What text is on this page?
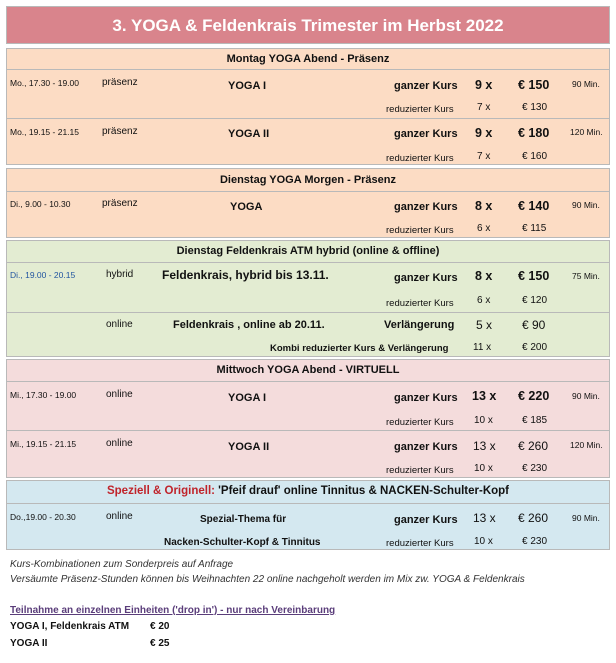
3. YOGA & Feldenkrais Trimester im Herbst 2022
Montag YOGA Abend - Präsenz
Mo., 17.30 - 19.00 präsenz	YOGA I	ganzer Kurs 9 x € 150	90 Min.
reduzierter Kurs 7 x	€ 130
Mo., 19.15 - 21.15 präsenz	YOGA II	ganzer Kurs 9 x € 180 120 Min.
reduzierter Kurs 7 x	€ 160
Dienstag YOGA Morgen - Präsenz
Di., 9.00 - 10.30	präsenz	YOGA	ganzer Kurs 8 x € 140	90 Min.
reduzierter Kurs 6 x	€ 115
Dienstag Feldenkrais ATM hybrid (online & offline)
Di., 19.00 - 20.15	hybrid Feldenkrais, hybrid bis 13.11.	ganzer Kurs 8 x € 150	75 Min.
reduzierter Kurs 6 x	€ 120
online	Feldenkrais , online ab 20.11.	Verlängerung 5 x € 90
Kombi reduzierter Kurs & Verlängerung 11 x	€ 200
Mittwoch YOGA Abend - VIRTUELL
Mi., 17.30 - 19.00	online	YOGA I	ganzer Kurs 13 x € 220	90 Min.
reduzierter Kurs 10 x	€ 185
Mi., 19.15 - 21.15	online	YOGA II	ganzer Kurs 13 x € 260	120 Min.
reduzierter Kurs 10 x	€ 230
Speziell & Originell: 'Pfeif drauf' online Tinnitus & NACKEN-Schulter-Kopf
Do.,19.00 - 20.30	online	Spezial-Thema für	ganzer Kurs 13 x € 260	90 Min.
Nacken-Schulter-Kopf & Tinnitus	reduzierter Kurs 10 x	€ 230
Kurs-Kombinationen zum Sonderpreis auf Anfrage
Versäumte Präsenz-Stunden können bis Weihnachten 22 online nachgeholt werden im Mix zw. YOGA & Feldenkrais
Teilnahme an einzelnen Einheiten ('drop in') - nur nach Vereinbarung
YOGA I, Feldenkrais ATM € 20
YOGA II	€ 25
